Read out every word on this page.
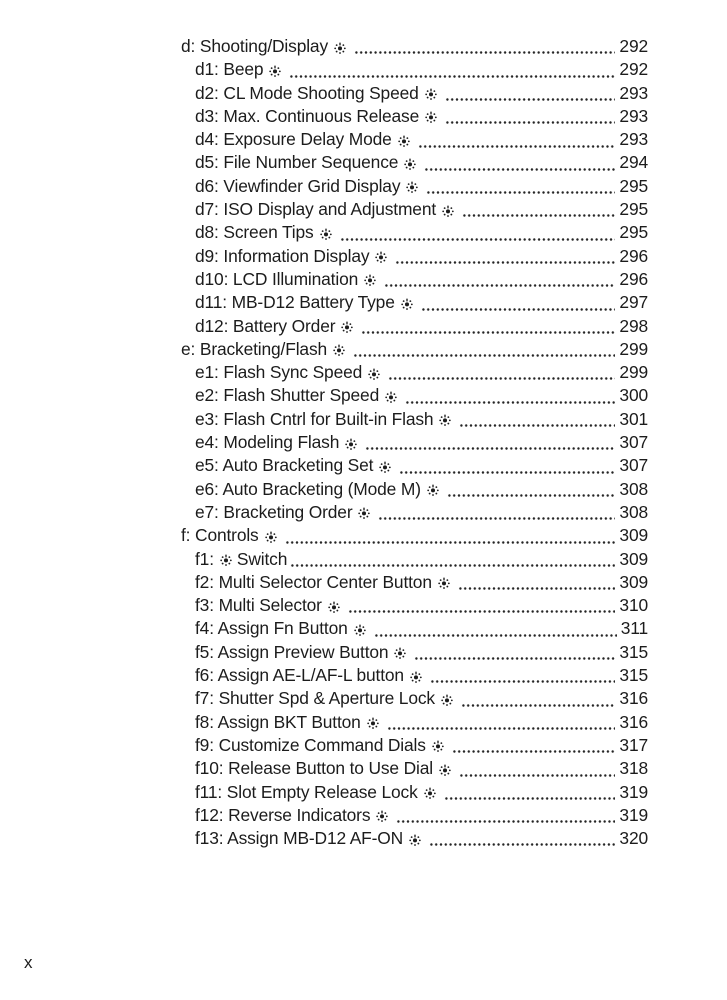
d: Shooting/Display	292
d1: Beep	292
d2: CL Mode Shooting Speed	293
d3: Max. Continuous Release	293
d4: Exposure Delay Mode	293
d5: File Number Sequence	294
d6: Viewfinder Grid Display	295
d7: ISO Display and Adjustment	295
d8: Screen Tips	295
d9: Information Display	296
d10: LCD Illumination	296
d11: MB-D12 Battery Type	297
d12: Battery Order	298
e: Bracketing/Flash	299
e1: Flash Sync Speed	299
e2: Flash Shutter Speed	300
e3: Flash Cntrl for Built-in Flash	301
e4: Modeling Flash	307
e5: Auto Bracketing Set	307
e6: Auto Bracketing (Mode M)	308
e7: Bracketing Order	308
f: Controls	309
f1: Switch	309
f2: Multi Selector Center Button	309
f3: Multi Selector	310
f4: Assign Fn Button	311
f5: Assign Preview Button	315
f6: Assign AE-L/AF-L button	315
f7: Shutter Spd & Aperture Lock	316
f8: Assign BKT Button	316
f9: Customize Command Dials	317
f10: Release Button to Use Dial	318
f11: Slot Empty Release Lock	319
f12: Reverse Indicators	319
f13: Assign MB-D12 AF-ON	320
x
